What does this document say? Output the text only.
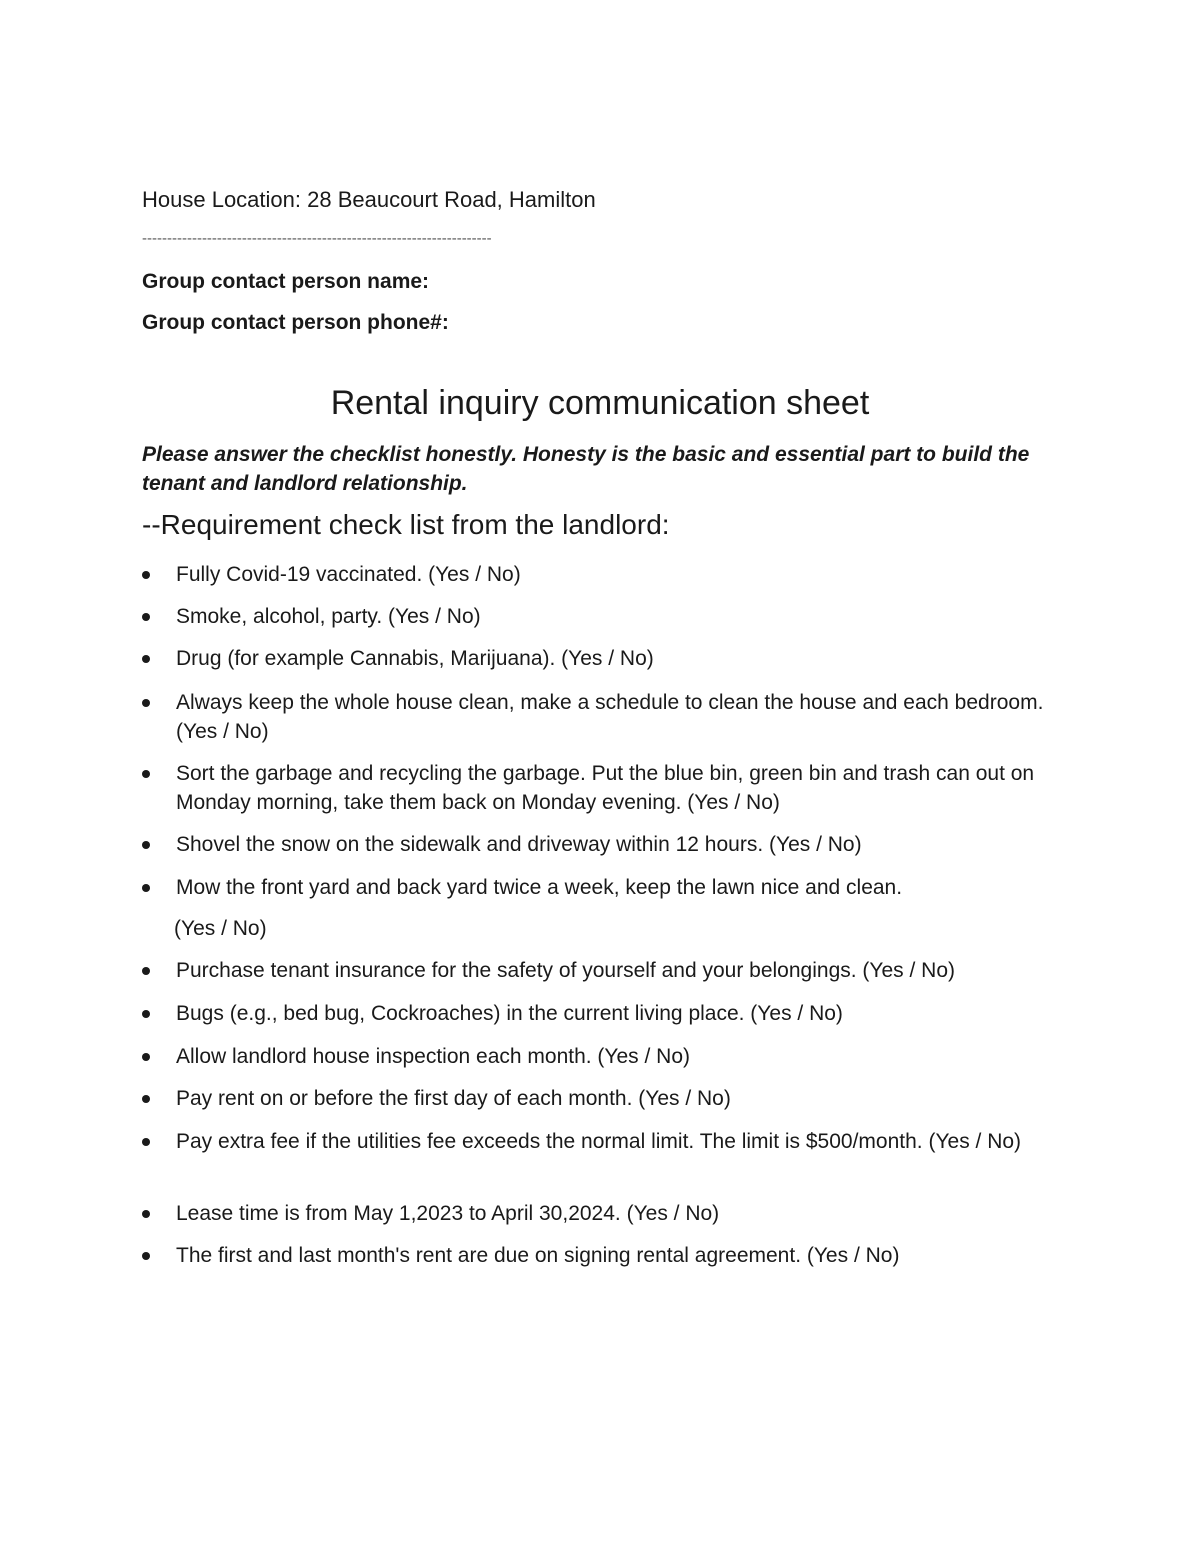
House Location: 28 Beaucourt Road, Hamilton
----------------------------------------------------------------------
Group contact person name:
Group contact person phone#:
Rental inquiry communication sheet
Please answer the checklist honestly. Honesty is the basic and essential part to build the tenant and landlord relationship.
--Requirement check list from the landlord:
Fully Covid-19 vaccinated. (Yes / No)
Smoke, alcohol, party. (Yes / No)
Drug (for example Cannabis, Marijuana). (Yes / No)
Always keep the whole house clean, make a schedule to clean the house and each bedroom. (Yes / No)
Sort the garbage and recycling the garbage. Put the blue bin, green bin and trash can out on Monday morning, take them back on Monday evening. (Yes / No)
Shovel the snow on the sidewalk and driveway within 12 hours. (Yes / No)
Mow the front yard and back yard twice a week, keep the lawn nice and clean.
(Yes / No)
Purchase tenant insurance for the safety of yourself and your belongings. (Yes / No)
Bugs (e.g., bed bug, Cockroaches) in the current living place. (Yes / No)
Allow landlord house inspection each month. (Yes / No)
Pay rent on or before the first day of each month. (Yes / No)
Pay extra fee if the utilities fee exceeds the normal limit. The limit is $500/month. (Yes / No)
Lease time is from May 1,2023 to April 30,2024. (Yes / No)
The first and last month's rent are due on signing rental agreement. (Yes / No)
